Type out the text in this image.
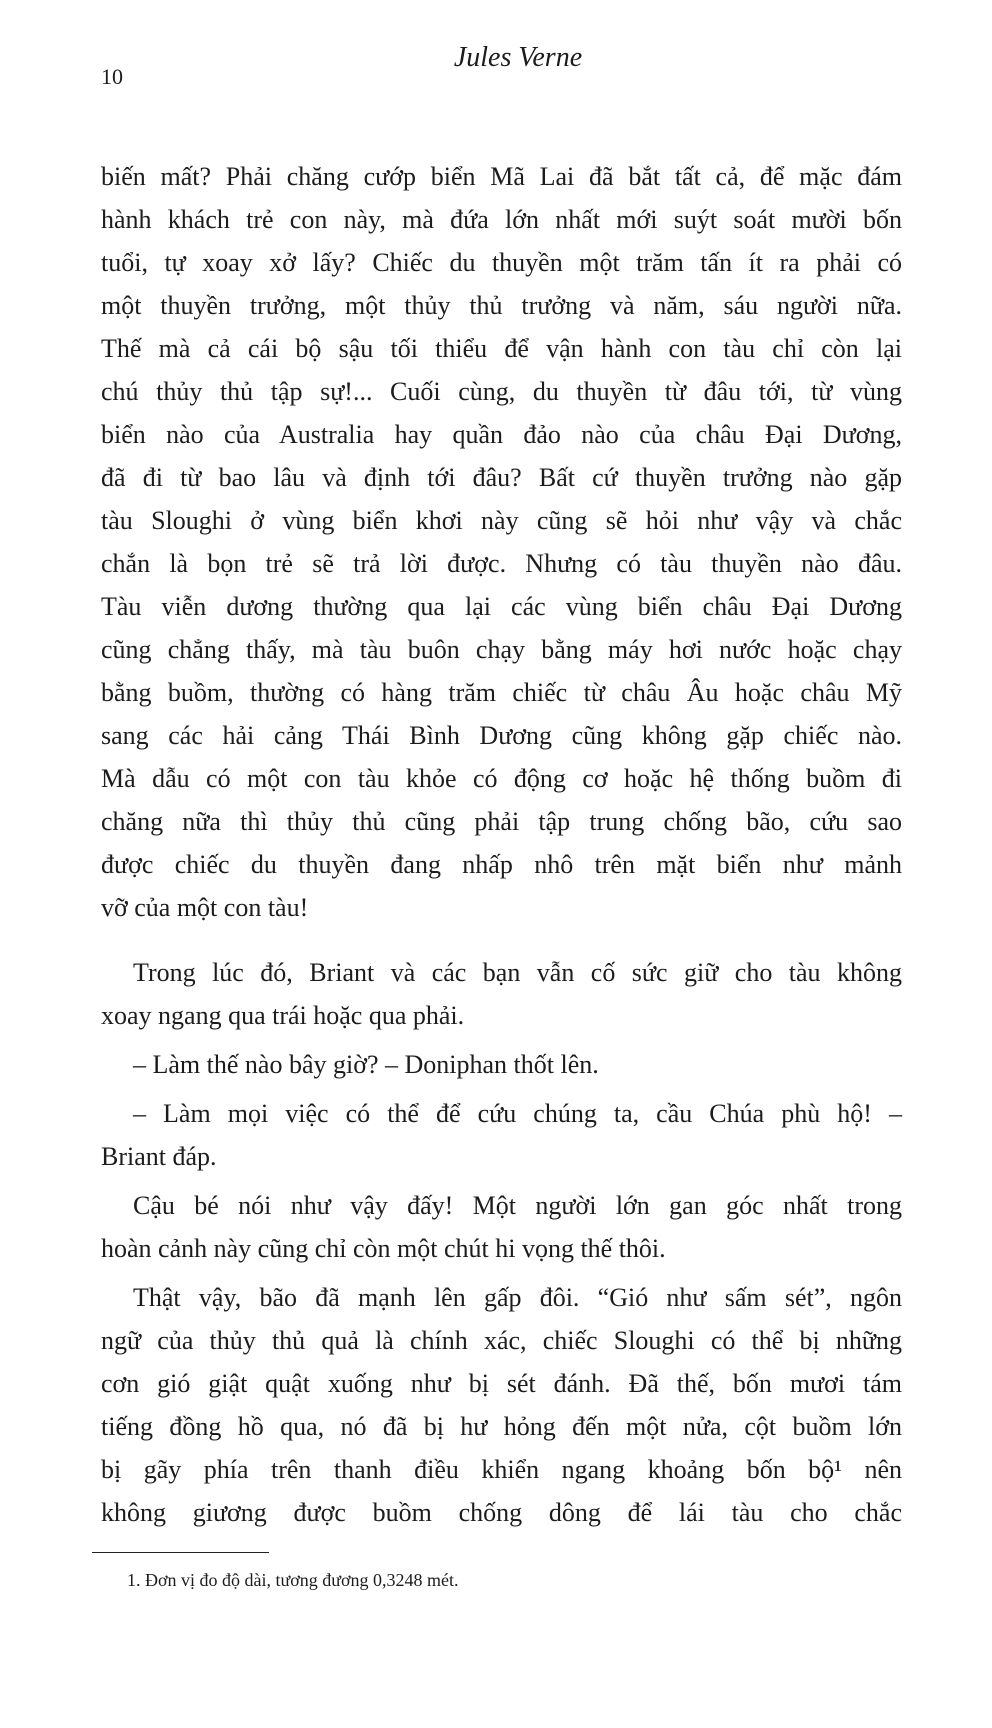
Jules Verne
10
biến mất? Phải chăng cướp biển Mã Lai đã bắt tất cả, để mặc đám
hành khách trẻ con này, mà đứa lớn nhất mới suýt soát mười bốn
tuổi, tự xoay xở lấy? Chiếc du thuyền một trăm tấn ít ra phải có
một thuyền trưởng, một thủy thủ trưởng và năm, sáu người nữa.
Thế mà cả cái bộ sậu tối thiểu để vận hành con tàu chỉ còn lại
chú thủy thủ tập sự!... Cuối cùng, du thuyền từ đâu tới, từ vùng
biển nào của Australia hay quần đảo nào của châu Đại Dương,
đã đi từ bao lâu và định tới đâu? Bất cứ thuyền trưởng nào gặp
tàu Sloughi ở vùng biển khơi này cũng sẽ hỏi như vậy và chắc
chắn là bọn trẻ sẽ trả lời được. Nhưng có tàu thuyền nào đâu.
Tàu viễn dương thường qua lại các vùng biển châu Đại Dương
cũng chẳng thấy, mà tàu buôn chạy bằng máy hơi nước hoặc chạy
bằng buồm, thường có hàng trăm chiếc từ châu Âu hoặc châu Mỹ
sang các hải cảng Thái Bình Dương cũng không gặp chiếc nào.
Mà dẫu có một con tàu khỏe có động cơ hoặc hệ thống buồm đi
chăng nữa thì thủy thủ cũng phải tập trung chống bão, cứu sao
được chiếc du thuyền đang nhấp nhô trên mặt biển như mảnh
vỡ của một con tàu!
Trong lúc đó, Briant và các bạn vẫn cố sức giữ cho tàu không
xoay ngang qua trái hoặc qua phải.
– Làm thế nào bây giờ? – Doniphan thốt lên.
– Làm mọi việc có thể để cứu chúng ta, cầu Chúa phù hộ! –
Briant đáp.
Cậu bé nói như vậy đấy! Một người lớn gan góc nhất trong
hoàn cảnh này cũng chỉ còn một chút hi vọng thế thôi.
Thật vậy, bão đã mạnh lên gấp đôi. “Gió như sấm sét”, ngôn
ngữ của thủy thủ quả là chính xác, chiếc Sloughi có thể bị những
cơn gió giật quật xuống như bị sét đánh. Đã thế, bốn mươi tám
tiếng đồng hồ qua, nó đã bị hư hỏng đến một nửa, cột buồm lớn
bị gãy phía trên thanh điều khiển ngang khoảng bốn bộ¹ nên
không giương được buồm chống dông để lái tàu cho chắc
1. Đơn vị đo độ dài, tương đương 0,3248 mét.
